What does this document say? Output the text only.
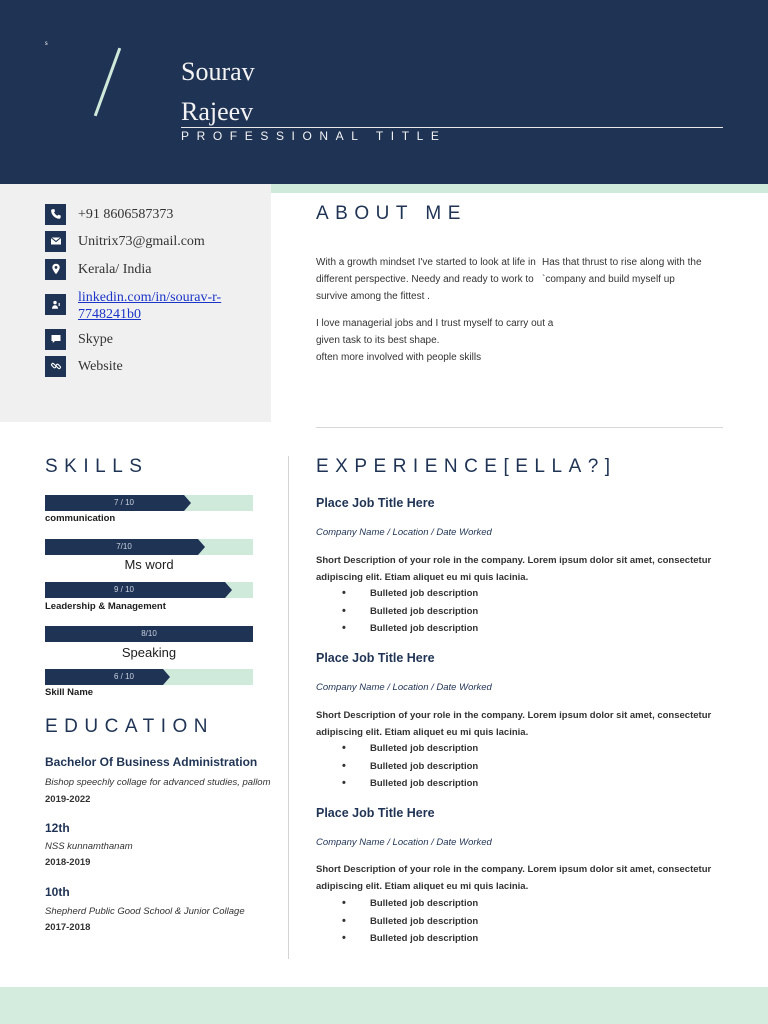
s
Sourav
Rajeev
PROFESSIONAL TITLE
+91 8606587373
Unitrix73@gmail.com
Kerala/ India
linkedin.com/in/sourav-r-
7748241b0
Skype
Website
ABOUT ME
With a growth mindset I've started to look at life in different perspective. Needy and ready to work to survive among the fittest .
Has that thrust to rise along with the `company and build myself up
I love managerial jobs and I trust myself to carry out a given task to its best shape.
often more involved with people skills
SKILLS
7 / 10
communication
7/10
Ms word
9 / 10
Leadership & Management
8/10
Speaking
6 / 10
Skill Name
EDUCATION
Bachelor Of Business Administration
Bishop speechly collage for advanced studies, pallom
2019-2022
12th
NSS kunnamthanam
2018-2019
10th
Shepherd Public Good School & Junior Collage
2017-2018
EXPERIENCE[ELLA?]
Place Job Title Here
Company Name / Location / Date Worked
Short Description of your role in the company. Lorem ipsum dolor sit amet, consectetur adipiscing elit. Etiam aliquet eu mi quis lacinia.
• Bulleted job description
• Bulleted job description
• Bulleted job description
Place Job Title Here
Company Name / Location / Date Worked
Short Description of your role in the company. Lorem ipsum dolor sit amet, consectetur adipiscing elit. Etiam aliquet eu mi quis lacinia.
• Bulleted job description
• Bulleted job description
• Bulleted job description
Place Job Title Here
Company Name / Location / Date Worked
Short Description of your role in the company. Lorem ipsum dolor sit amet, consectetur adipiscing elit. Etiam aliquet eu mi quis lacinia.
• Bulleted job description
• Bulleted job description
• Bulleted job description
